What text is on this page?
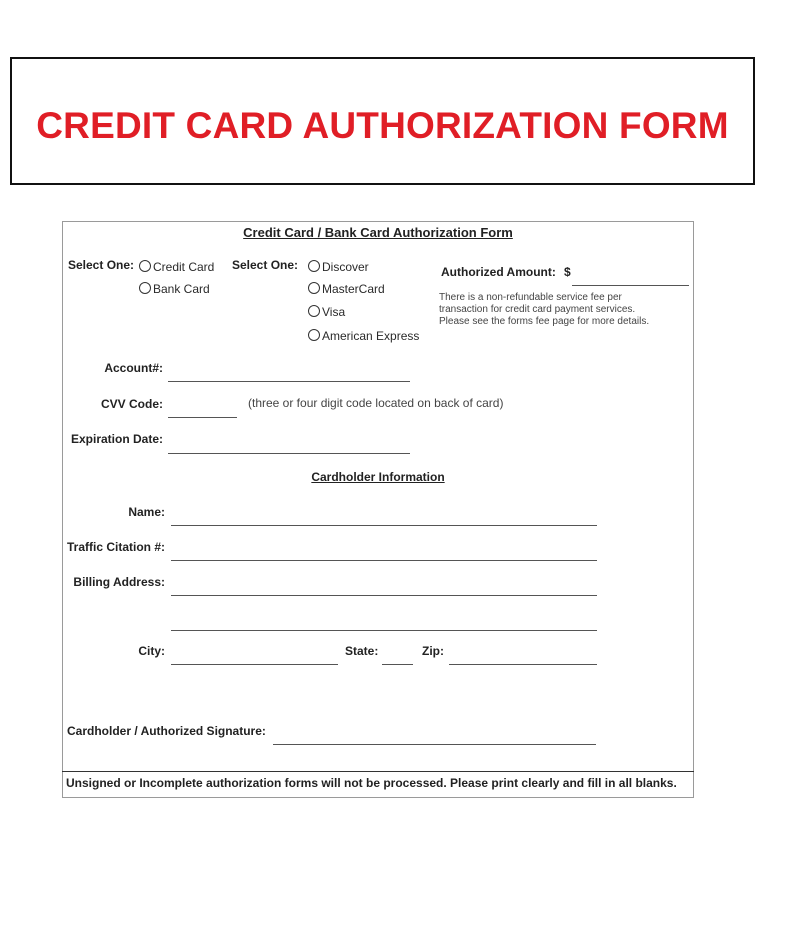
CREDIT CARD AUTHORIZATION FORM
Credit Card / Bank Card Authorization Form
Select One:	Credit Card
Bank Card
Select One:	Discover
MasterCard
Visa
American Express
Authorized Amount: $
There is a non-refundable service fee per
transaction for credit card payment services.
Please see the forms fee page for more details.
Account#:
CVV Code:	(three or four digit code located on back of card)
Expiration Date:
Cardholder Information
Name:
Traffic Citation #:
Billing Address:
City:	State:	Zip:
Cardholder / Authorized Signature:
Unsigned or Incomplete authorization forms will not be processed. Please print clearly and fill in all blanks.
